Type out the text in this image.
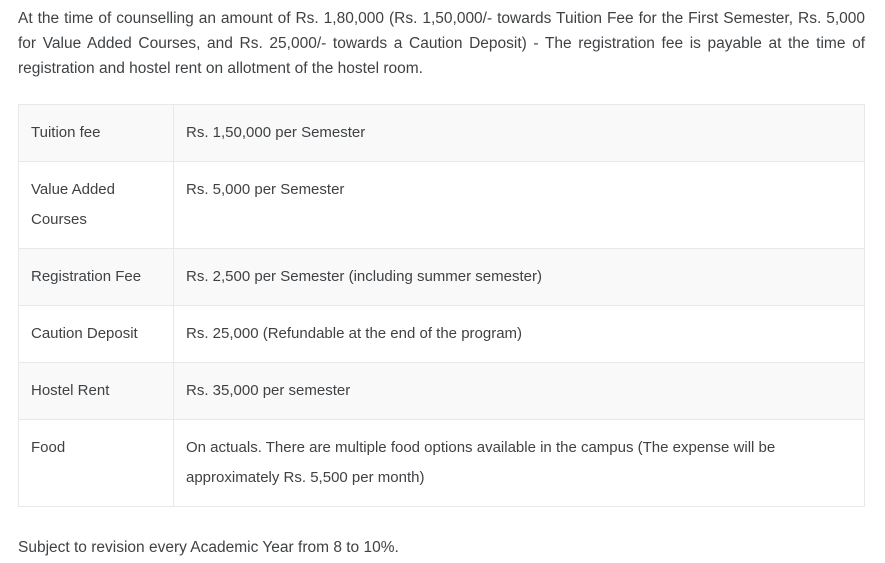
At the time of counselling an amount of Rs. 1,80,000 (Rs. 1,50,000/- towards Tuition Fee for the First Semester, Rs. 5,000 for Value Added Courses, and Rs. 25,000/- towards a Caution Deposit) - The registration fee is payable at the time of registration and hostel rent on allotment of the hostel room.

Tuition fee	Rs. 1,50,000 per Semester
Value Added Courses	Rs. 5,000 per Semester
Registration Fee	Rs. 2,500 per Semester (including summer semester)
Caution Deposit	Rs. 25,000 (Refundable at the end of the program)
Hostel Rent	Rs. 35,000 per semester
Food	On actuals. There are multiple food options available in the campus (The expense will be approximately Rs. 5,500 per month)

Subject to revision every Academic Year from 8 to 10%.
